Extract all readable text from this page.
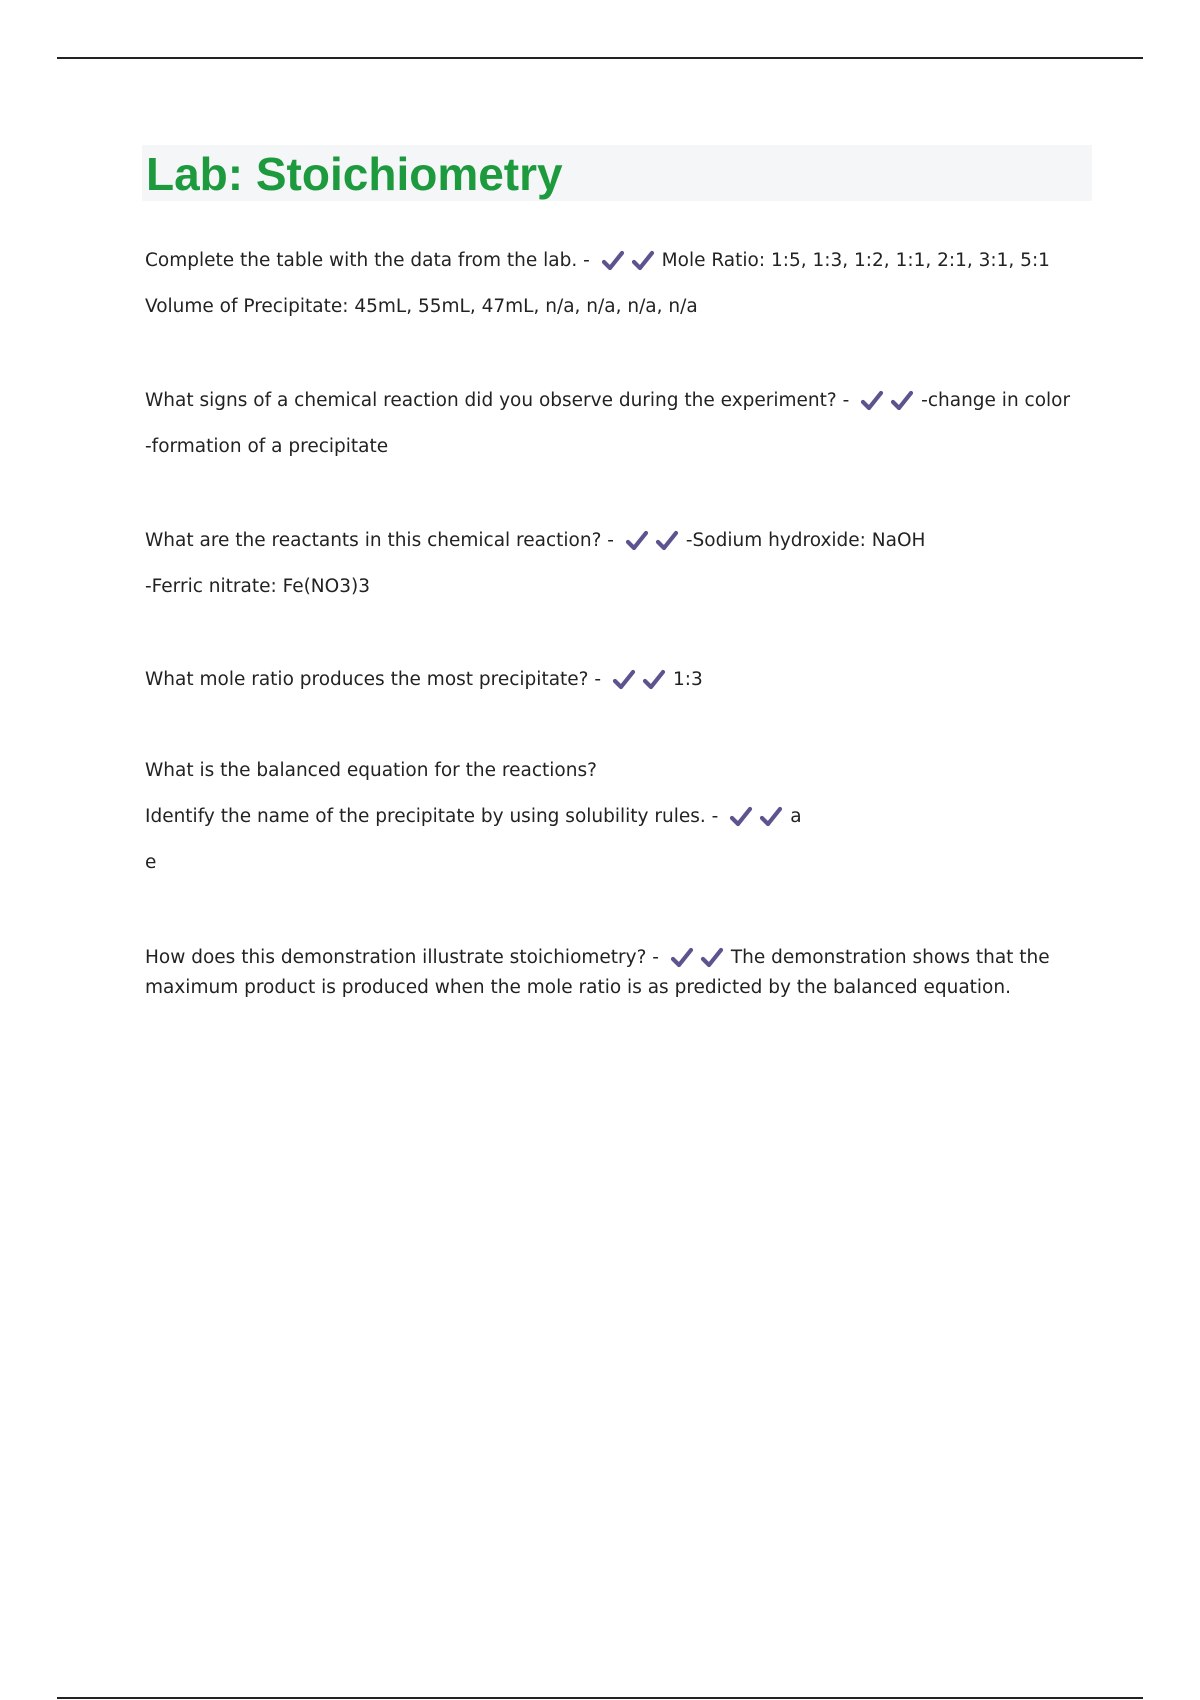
Lab: Stoichiometry
Complete the table with the data from the lab. -	Mole Ratio: 1:5, 1:3, 1:2, 1:1, 2:1, 3:1, 5:1
Volume of Precipitate: 45mL, 55mL, 47mL, n/a, n/a, n/a, n/a
What signs of a chemical reaction did you observe during the experiment? -	-change in color
-formation of a precipitate
What are the reactants in this chemical reaction? -	-Sodium hydroxide: NaOH
-Ferric nitrate: Fe(NO3)3
What mole ratio produces the most precipitate? -	1:3
What is the balanced equation for the reactions?
Identify the name of the precipitate by using solubility rules. -	a
e
How does this demonstration illustrate stoichiometry? -	The demonstration shows that the maximum product is produced when the mole ratio is as predicted by the balanced equation.
